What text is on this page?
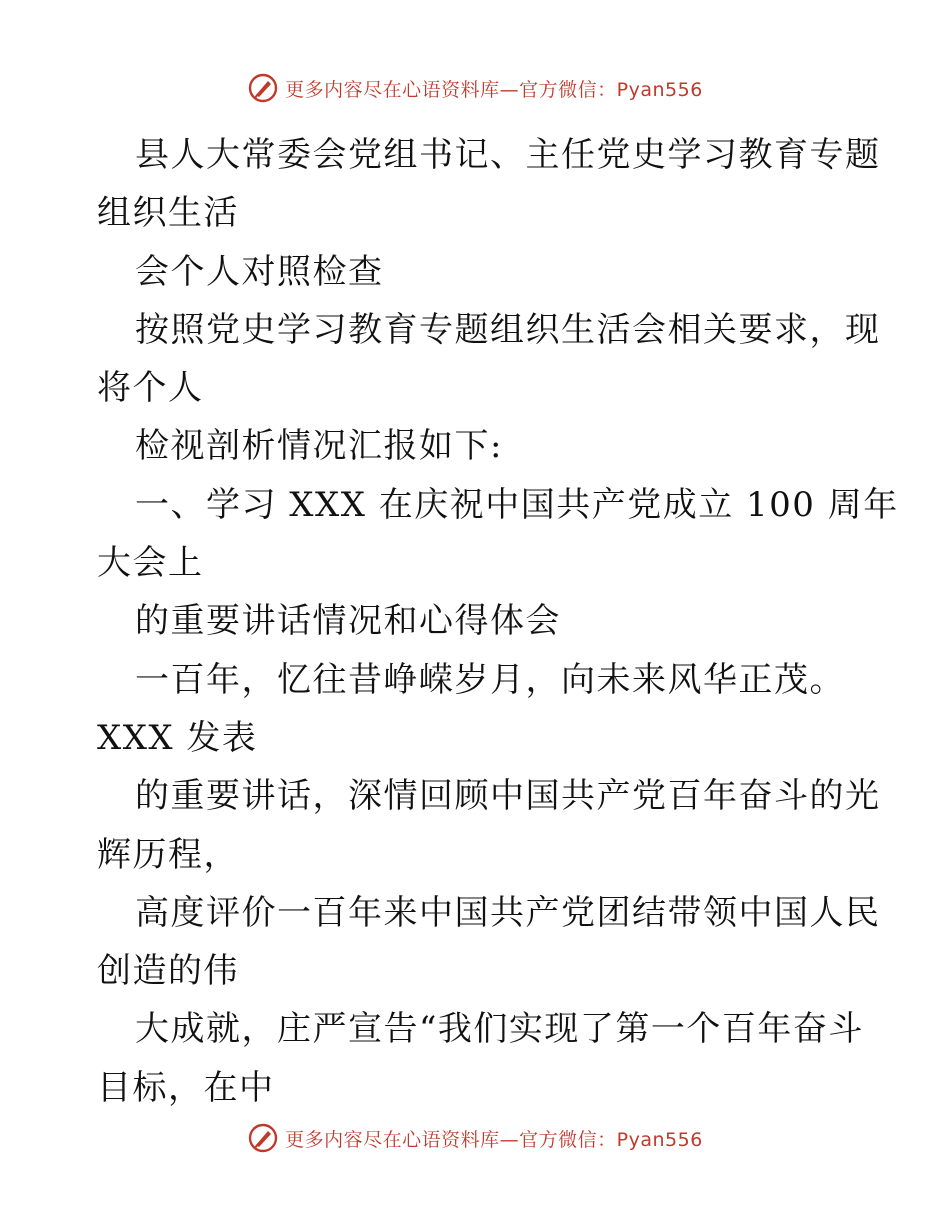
更多内容尽在心语资料库—官方微信：Pyan556
县人大常委会党组书记、主任党史学习教育专题
组织生活
会个人对照检查
按照党史学习教育专题组织生活会相关要求，现
将个人
检视剖析情况汇报如下:
一、学习 XXX 在庆祝中国共产党成立 100 周年
大会上
的重要讲话情况和心得体会
一百年，忆往昔峥嵘岁月，向未来风华正茂。
XXX 发表
的重要讲话，深情回顾中国共产党百年奋斗的光
辉历程，
高度评价一百年来中国共产党团结带领中国人民
创造的伟
大成就，庄严宣告“我们实现了第一个百年奋斗
目标，在中
更多内容尽在心语资料库—官方微信：Pyan556
